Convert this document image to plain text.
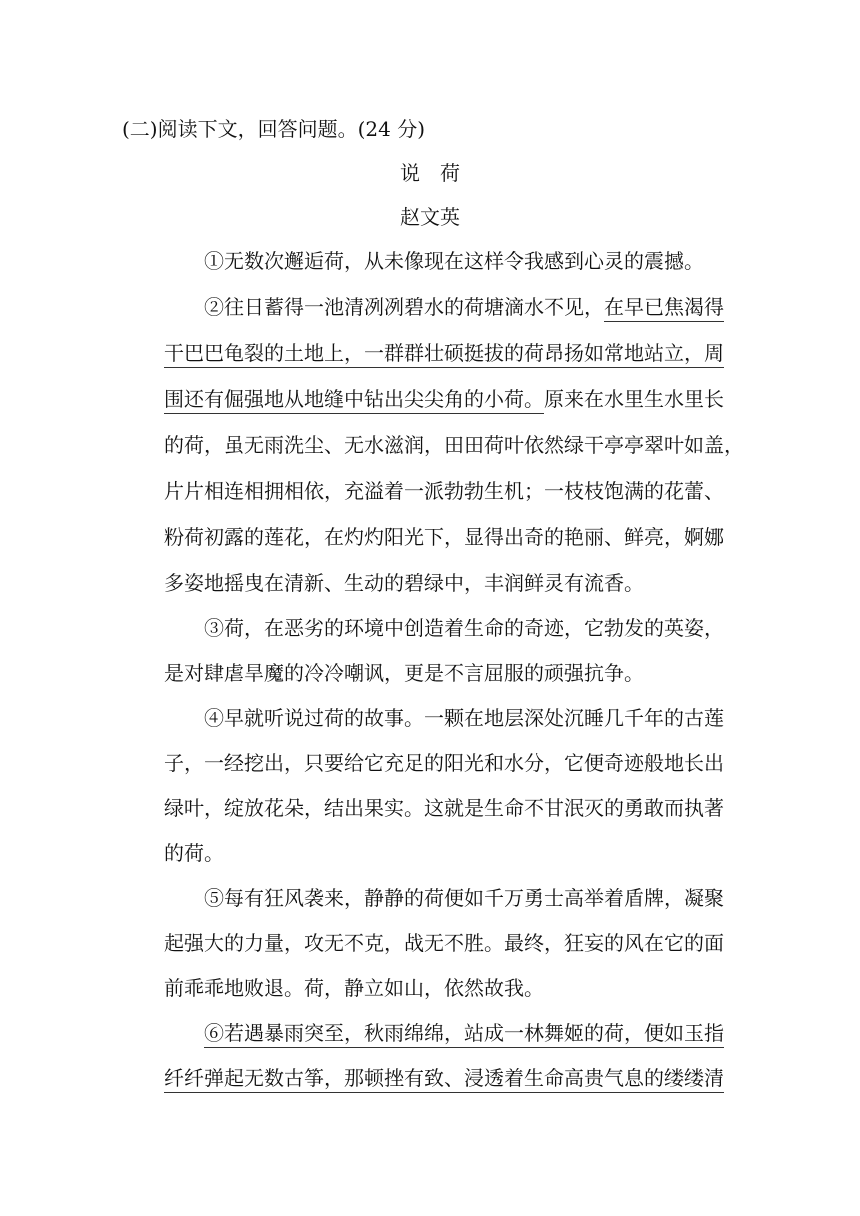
(二)阅读下文，回答问题。(24 分)
说　荷
赵文英
①无数次邂逅荷，从未像现在这样令我感到心灵的震撼。
②往日蓄得一池清冽冽碧水的荷塘滴水不见，在早已焦渴得
干巴巴龟裂的土地上，一群群壮硕挺拔的荷昂扬如常地站立，周
围还有倔强地从地缝中钻出尖尖角的小荷。原来在水里生水里长
的荷，虽无雨洗尘、无水滋润，田田荷叶依然绿干亭亭翠叶如盖，
片片相连相拥相依，充溢着一派勃勃生机；一枝枝饱满的花蕾、
粉荷初露的莲花，在灼灼阳光下，显得出奇的艳丽、鲜亮，婀娜
多姿地摇曳在清新、生动的碧绿中，丰润鲜灵有流香。
③荷，在恶劣的环境中创造着生命的奇迹，它勃发的英姿，
是对肆虐旱魔的冷冷嘲讽，更是不言屈服的顽强抗争。
④早就听说过荷的故事。一颗在地层深处沉睡几千年的古莲
子，一经挖出，只要给它充足的阳光和水分，它便奇迹般地长出
绿叶，绽放花朵，结出果实。这就是生命不甘泯灭的勇敢而执著
的荷。
⑤每有狂风袭来，静静的荷便如千万勇士高举着盾牌，凝聚
起强大的力量，攻无不克，战无不胜。最终，狂妄的风在它的面
前乖乖地败退。荷，静立如山，依然故我。
⑥若遇暴雨突至，秋雨绵绵，站成一林舞姬的荷，便如玉指
纤纤弹起无数古筝，那顿挫有致、浸透着生命高贵气息的缕缕清
